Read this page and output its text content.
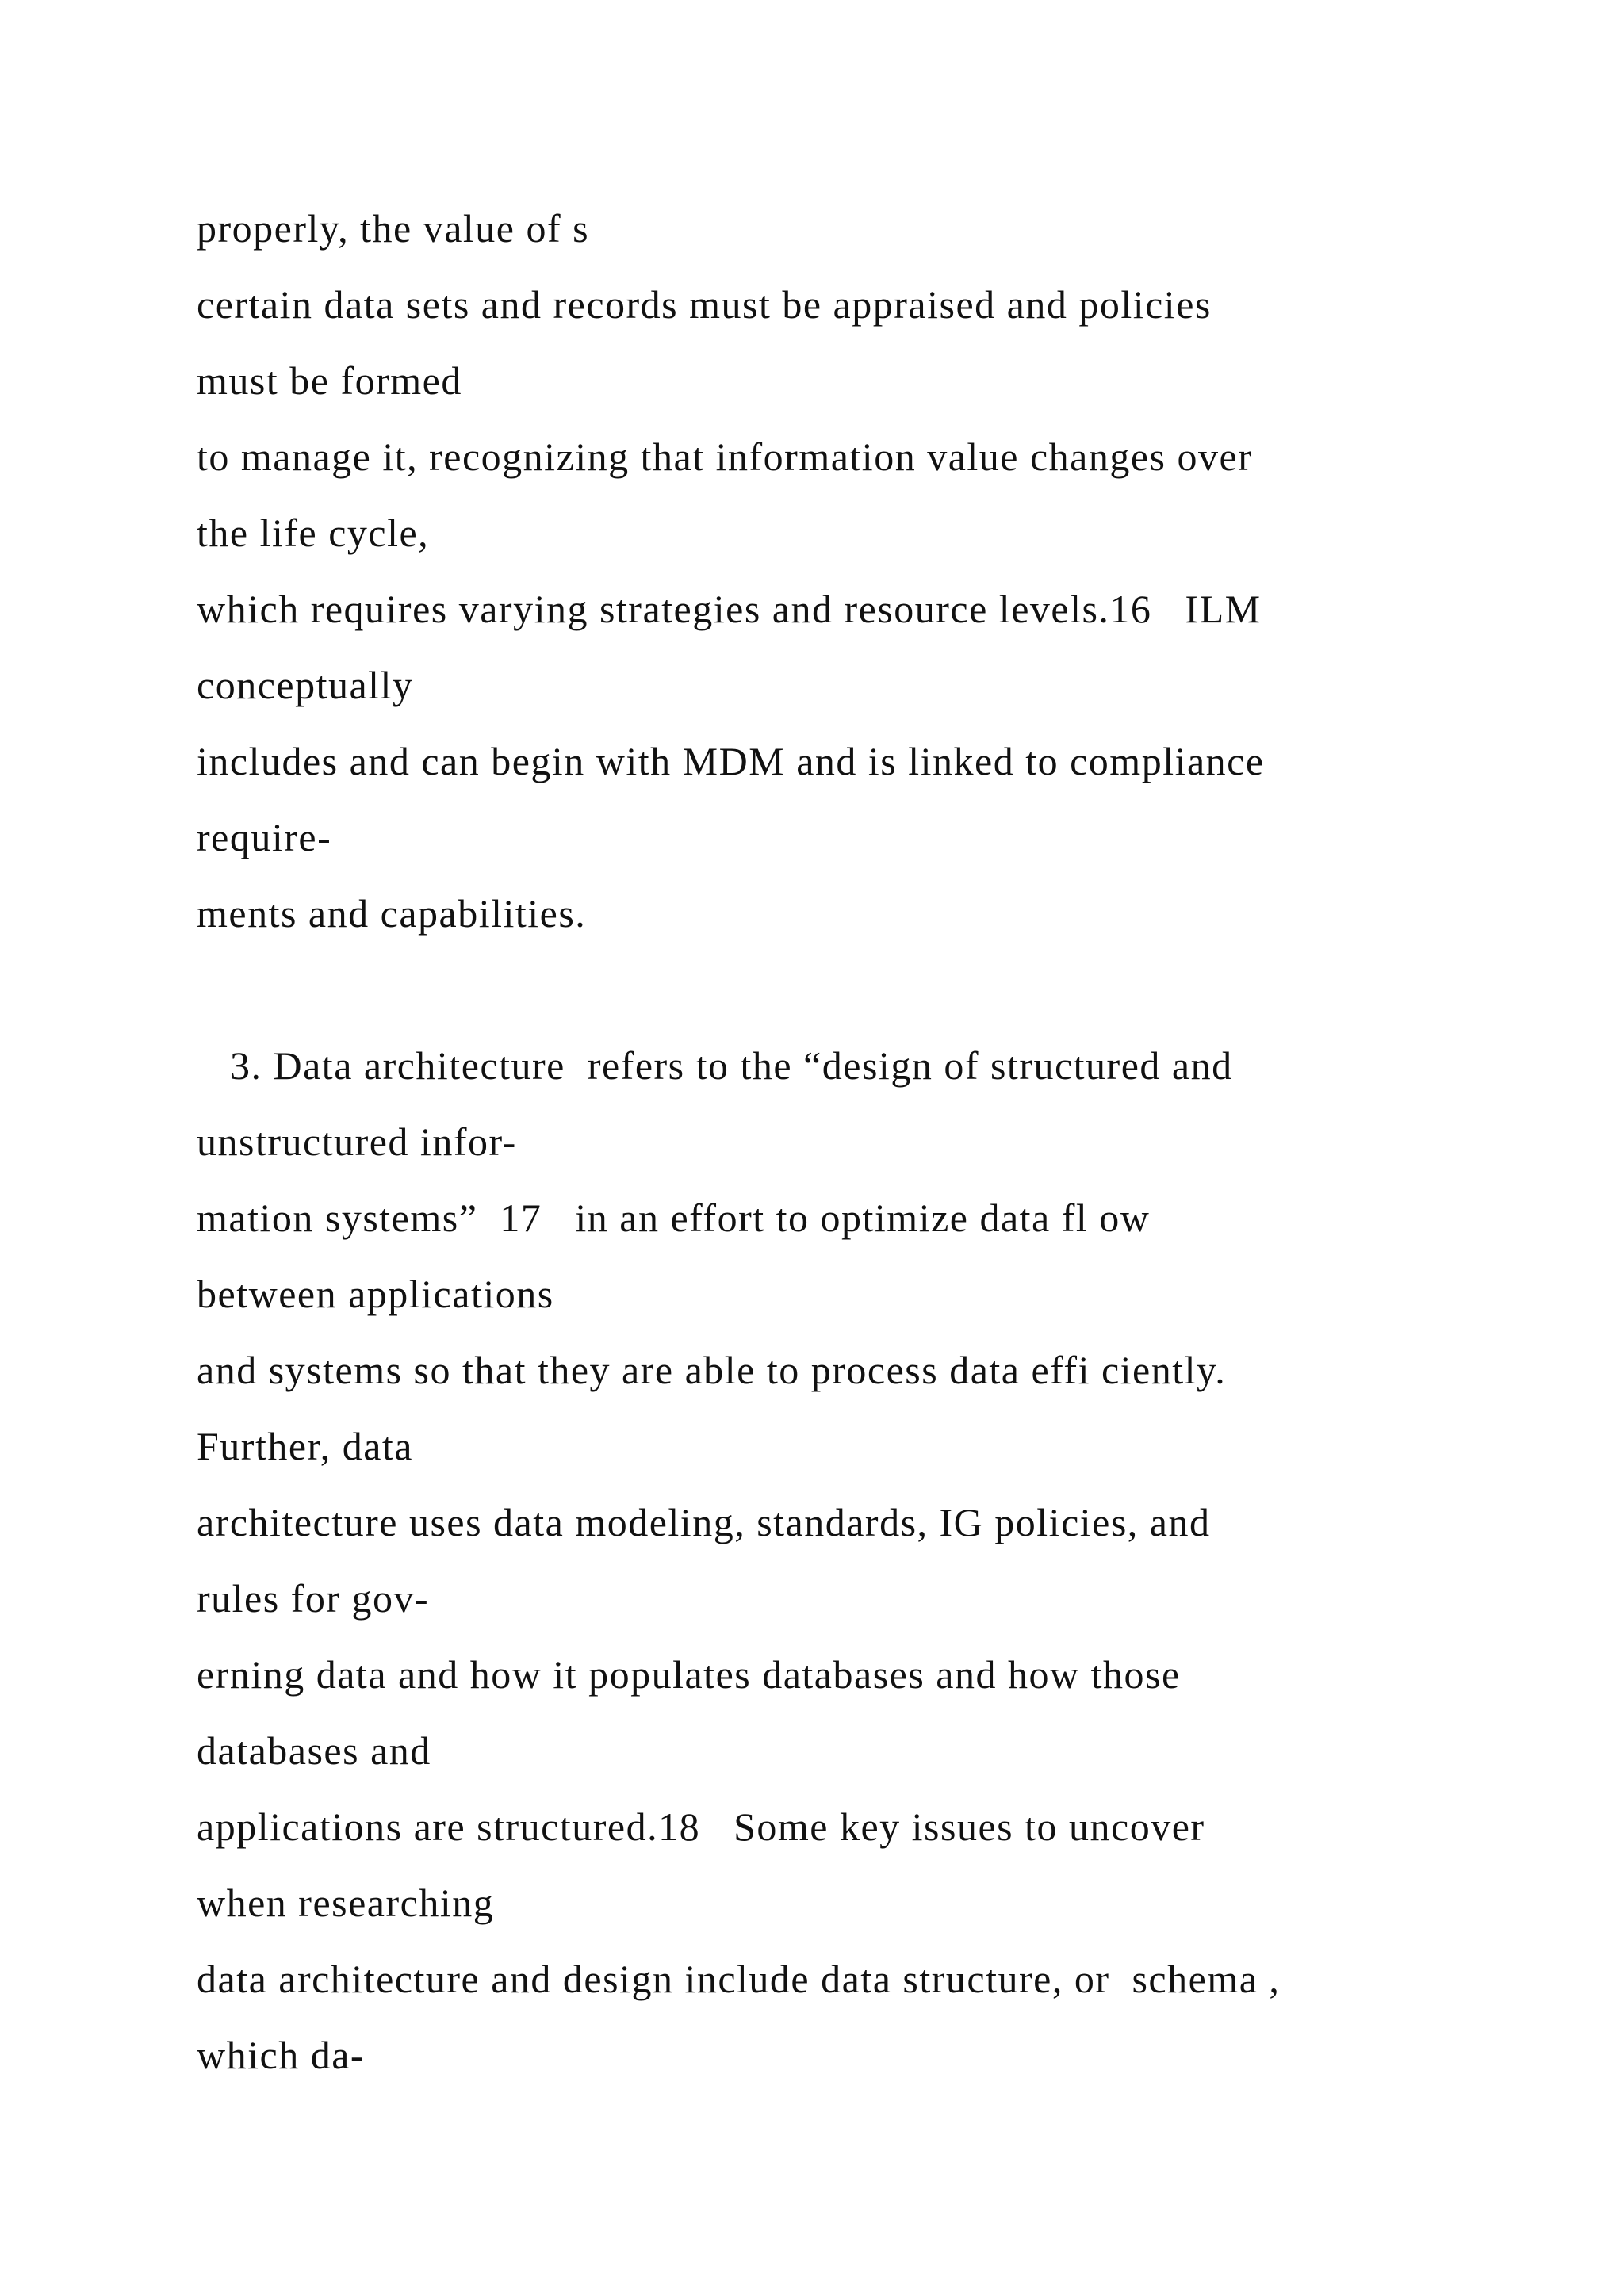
properly, the value of s
certain data sets and records must be appraised and policies
must be formed
to manage it, recognizing that information value changes over
the life cycle,
which requires varying strategies and resource levels.16   ILM
conceptually
includes and can begin with MDM and is linked to compliance
require-
ments and capabilities.
3. Data architecture  refers to the “design of structured and
unstructured infor-
mation systems”  17   in an effort to optimize data fl ow
between applications
and systems so that they are able to process data effi ciently.
Further, data
architecture uses data modeling, standards, IG policies, and
rules for gov-
erning data and how it populates databases and how those
databases and
applications are structured.18   Some key issues to uncover
when researching
data architecture and design include data structure, or  schema ,
which da-
